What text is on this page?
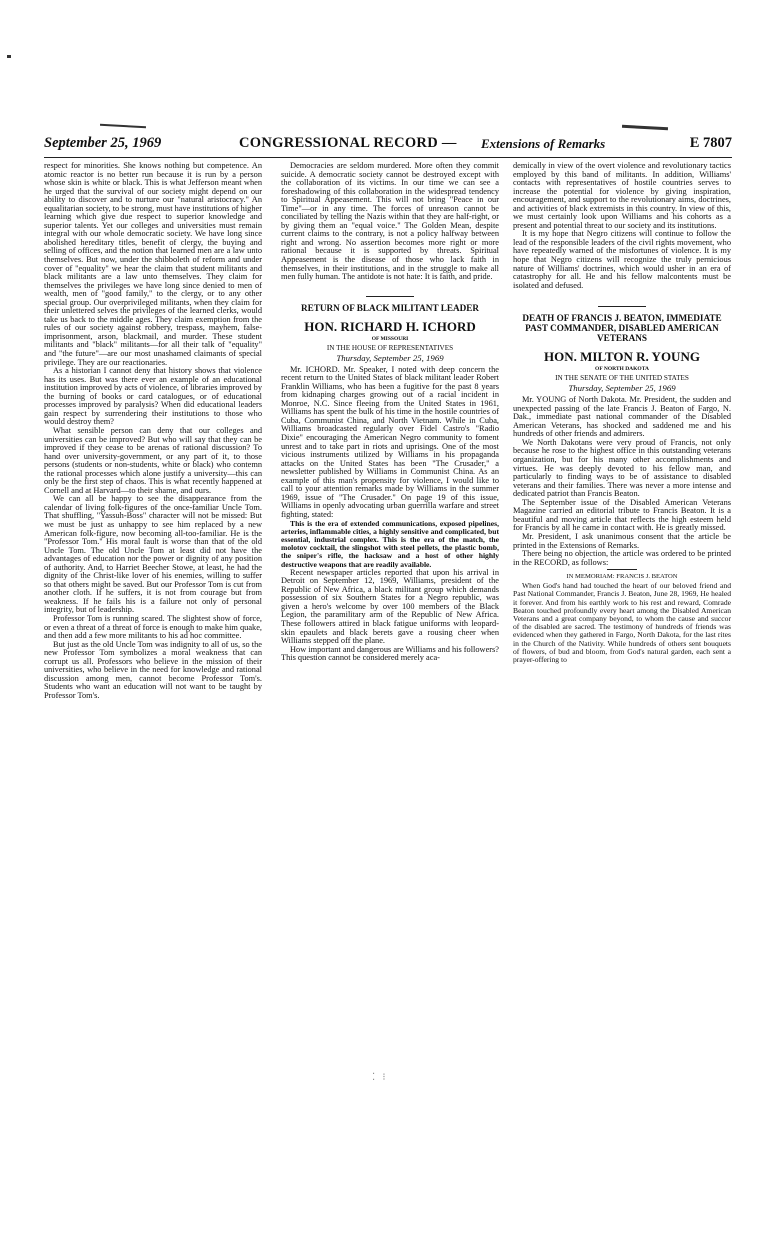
September 25, 1969	CONGRESSIONAL RECORD — Extensions of Remarks	E 7807

respect for minorities. She knows nothing but competence. An atomic reactor is no better run because it is run by a person whose skin is white or black. This is what Jefferson meant when he urged that the survival of our society might depend on our ability to discover and to nurture our "natural aristocracy." An equalitarian society, to be strong, must have institutions of higher learning which give due respect to superior knowledge and superior talents. Yet our colleges and universities must remain integral with our whole democratic society. We have long since abolished hereditary titles, benefit of clergy, the buying and selling of offices, and the notion that learned men are a law unto themselves. But now, under the shibboleth of reform and under cover of "equality" we hear the claim that student militants and black militants are a law unto themselves. They claim for themselves the privileges we have long since denied to men of wealth, men of "good family," to the clergy, or to any other special group. Our overprivileged militants, when they claim for their unlettered selves the privileges of the learned clerks, would take us back to the middle ages. They claim exemption from the rules of our society against robbery, trespass, mayhem, false-imprisonment, arson, blackmail, and murder. These student militants and "black" militants—for all their talk of "equality" and "the future"—are our most unashamed claimants of special privilege. They are our reactionaries.

As a historian I cannot deny that history shows that violence has its uses. But was there ever an example of an educational institution improved by acts of violence, of libraries improved by the burning of books or card catalogues, or of educational processes improved by paralysis? When did educational leaders gain respect by surrendering their institutions to those who would destroy them?

What sensible person can deny that our colleges and universities can be improved? But who will say that they can be improved if they cease to be arenas of rational discussion? To hand over university-government, or any part of it, to those persons (students or non-students, white or black) who contemn the rational processes which alone justify a university—this can only be the first step of chaos. This is what recently happened at Cornell and at Harvard—to their shame, and ours.

We can all be happy to see the disappearance from the calendar of living folk-figures of the once-familiar Uncle Tom. That shuffling, "Yassuh-Boss" character will not be missed: But we must be just as unhappy to see him replaced by a new American folk-figure, now becoming all-too-familiar. He is the "Professor Tom." His moral fault is worse than that of the old Uncle Tom. The old Uncle Tom at least did not have the advantages of education nor the power or dignity of any position of authority. And, to Harriet Beecher Stowe, at least, he had the dignity of the Christ-like lover of his enemies, willing to suffer so that others might be saved. But our Professor Tom is cut from another cloth. If he suffers, it is not from courage but from weakness. If he fails his is a failure not only of personal integrity, but of leadership.

Professor Tom is running scared. The slightest show of force, or even a threat of a threat of force is enough to make him quake, and then add a few more militants to his ad hoc committee.

But just as the old Uncle Tom was indignity to all of us, so the new Professor Tom symbolizes a moral weakness that can corrupt us all. Professors who believe in the mission of their universities, who believe in the need for knowledge and rational discussion among men, cannot become Professor Tom's. Students who want an education will not want to be taught by Professor Tom's.

Democracies are seldom murdered. More often they commit suicide. A democratic society cannot be destroyed except with the collaboration of its victims. In our time we can see a foreshadowing of this collaboration in the widespread tendency to Spiritual Appeasement. This will not bring "Peace in our Time"—or in any time. The forces of unreason cannot be conciliated by telling the Nazis within that they are half-right, or by giving them an "equal voice." The Golden Mean, despite current claims to the contrary, is not a policy halfway between right and wrong. No assertion becomes more right or more rational because it is supported by threats. Spiritual Appeasement is the disease of those who lack faith in themselves, in their institutions, and in the struggle to make all men fully human. The antidote is not hate: It is faith, and pride.

RETURN OF BLACK MILITANT LEADER
HON. RICHARD H. ICHORD
OF MISSOURI
IN THE HOUSE OF REPRESENTATIVES
Thursday, September 25, 1969

Mr. ICHORD. Mr. Speaker, I noted with deep concern the recent return to the United States of black militant leader Robert Franklin Williams, who has been a fugitive for the past 8 years from kidnaping charges growing out of a racial incident in Monroe, N.C. Since fleeing from the United States in 1961, Williams has spent the bulk of his time in the hostile countries of Cuba, Communist China, and North Vietnam. While in Cuba, Williams broadcasted regularly over Fidel Castro's "Radio Dixie" encouraging the American Negro community to foment unrest and to take part in riots and uprisings. One of the most vicious instruments utilized by Williams in his propaganda attacks on the United States has been "The Crusader," a newsletter published by Williams in Communist China. As an example of this man's propensity for violence, I would like to call to your attention remarks made by Williams in the summer 1969, issue of "The Crusader." On page 19 of this issue, Williams in openly advocating urban guerrilla warfare and street fighting, stated:

This is the era of extended communications, exposed pipelines, arteries, inflammable cities, a highly sensitive and complicated, but essential, industrial complex. This is the era of the match, the molotov cocktail, the slingshot with steel pellets, the plastic bomb, the sniper's rifle, the hacksaw and a host of other highly destructive weapons that are readily available.

Recent newspaper articles reported that upon his arrival in Detroit on September 12, 1969, Williams, president of the Republic of New Africa, a black militant group which demands possession of six Southern States for a Negro republic, was given a hero's welcome by over 100 members of the Black Legion, the paramilitary arm of the Republic of New Africa. These followers attired in black fatigue uniforms with leopard-skin epaulets and black berets gave a rousing cheer when Williams stepped off the plane.

How important and dangerous are Williams and his followers? This question cannot be considered merely aca-

demically in view of the overt violence and revolutionary tactics employed by this band of militants. In addition, Williams' contacts with representatives of hostile countries serves to increase the potential for violence by giving inspiration, encouragement, and support to the revolutionary aims, doctrines, and activities of black extremists in this country. In view of this, we must certainly look upon Williams and his cohorts as a present and potential threat to our society and its institutions.

It is my hope that Negro citizens will continue to follow the lead of the responsible leaders of the civil rights movement, who have repeatedly warned of the misfortunes of violence. It is my hope that Negro citizens will recognize the truly pernicious nature of Williams' doctrines, which would usher in an era of catastrophy for all. He and his fellow malcontents must be isolated and defused.

DEATH OF FRANCIS J. BEATON, IMMEDIATE PAST COMMANDER, DISABLED AMERICAN VETERANS
HON. MILTON R. YOUNG
OF NORTH DAKOTA
IN THE SENATE OF THE UNITED STATES
Thursday, September 25, 1969

Mr. YOUNG of North Dakota. Mr. President, the sudden and unexpected passing of the late Francis J. Beaton of Fargo, N. Dak., immediate past national commander of the Disabled American Veterans, has shocked and saddened me and his hundreds of other friends and admirers.

We North Dakotans were very proud of Francis, not only because he rose to the highest office in this outstanding veterans organization, but for his many other accomplishments and virtues. He was deeply devoted to his fellow man, and particularly to finding ways to be of assistance to disabled veterans and their families. There was never a more intense and dedicated patriot than Francis Beaton.

The September issue of the Disabled American Veterans Magazine carried an editorial tribute to Francis Beaton. It is a beautiful and moving article that reflects the high esteem held for Francis by all he came in contact with. He is greatly missed.

Mr. President, I ask unanimous consent that the article be printed in the Extensions of Remarks.

There being no objection, the article was ordered to be printed in the RECORD, as follows:

IN MEMORIAM: FRANCIS J. BEATON

When God's hand had touched the heart of our beloved friend and Past National Commander, Francis J. Beaton, June 28, 1969, He healed it forever. And from his earthly work to his rest and reward, Comrade Beaton touched profoundly every heart among the Disabled American Veterans and a great company beyond, to whom the cause and succor of the disabled are sacred. The testimony of hundreds of friends was evidenced when they gathered in Fargo, North Dakota, for the last rites in the Church of the Nativity. While hundreds of others sent bouquets of flowers, of bud and bloom, from God's natural garden, each sent a prayer-offering to

⁚ ⁝
